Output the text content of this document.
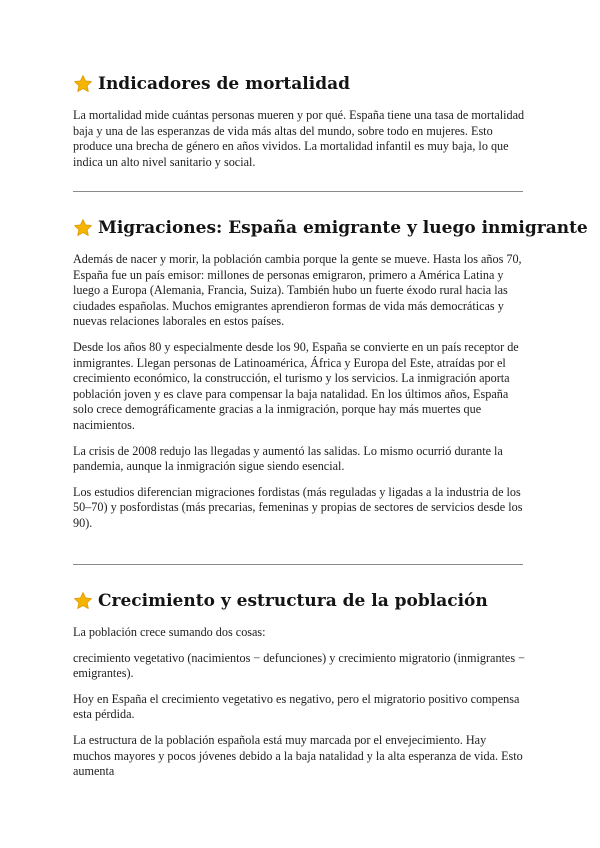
Indicadores de mortalidad

La mortalidad mide cuántas personas mueren y por qué. España tiene una tasa de mortalidad baja y una de las esperanzas de vida más altas del mundo, sobre todo en mujeres. Esto produce una brecha de género en años vividos. La mortalidad infantil es muy baja, lo que indica un alto nivel sanitario y social.

Migraciones: España emigrante y luego inmigrante

Además de nacer y morir, la población cambia porque la gente se mueve. Hasta los años 70, España fue un país emisor: millones de personas emigraron, primero a América Latina y luego a Europa (Alemania, Francia, Suiza). También hubo un fuerte éxodo rural hacia las ciudades españolas. Muchos emigrantes aprendieron formas de vida más democráticas y nuevas relaciones laborales en estos países.

Desde los años 80 y especialmente desde los 90, España se convierte en un país receptor de inmigrantes. Llegan personas de Latinoamérica, África y Europa del Este, atraídas por el crecimiento económico, la construcción, el turismo y los servicios. La inmigración aporta población joven y es clave para compensar la baja natalidad. En los últimos años, España solo crece demográficamente gracias a la inmigración, porque hay más muertes que nacimientos.

La crisis de 2008 redujo las llegadas y aumentó las salidas. Lo mismo ocurrió durante la pandemia, aunque la inmigración sigue siendo esencial.

Los estudios diferencian migraciones fordistas (más reguladas y ligadas a la industria de los 50–70) y posfordistas (más precarias, femeninas y propias de sectores de servicios desde los 90).

Crecimiento y estructura de la población

La población crece sumando dos cosas:

crecimiento vegetativo (nacimientos − defunciones) y crecimiento migratorio (inmigrantes − emigrantes).

Hoy en España el crecimiento vegetativo es negativo, pero el migratorio positivo compensa esta pérdida.

La estructura de la población española está muy marcada por el envejecimiento. Hay muchos mayores y pocos jóvenes debido a la baja natalidad y la alta esperanza de vida. Esto aumenta
